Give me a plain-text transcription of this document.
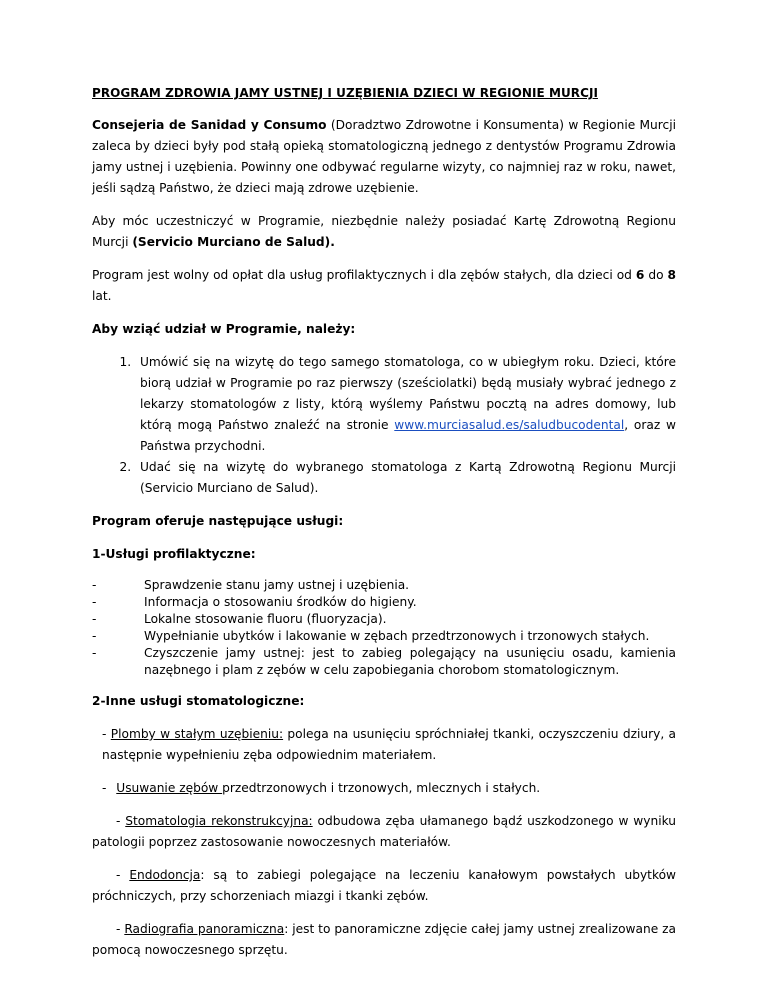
PROGRAM ZDROWIA JAMY USTNEJ I UZĘBIENIA DZIECI W REGIONIE MURCJI

Consejeria de Sanidad y Consumo (Doradztwo Zdrowotne i Konsumenta) w Regionie Murcji zaleca by dzieci były pod stałą opieką stomatologiczną jednego z dentystów Programu Zdrowia jamy ustnej i uzębienia. Powinny one odbywać regularne wizyty, co najmniej raz w roku, nawet, jeśli sądzą Państwo, że dzieci mają zdrowe uzębienie.

Aby móc uczestniczyć w Programie, niezbędnie należy posiadać Kartę Zdrowotną Regionu Murcji (Servicio Murciano de Salud).

Program jest wolny od opłat dla usług profilaktycznych i dla zębów stałych, dla dzieci od 6 do 8 lat.

Aby wziąć udział w Programie, należy:

1. Umówić się na wizytę do tego samego stomatologa, co w ubiegłym roku. Dzieci, które biorą udział w Programie po raz pierwszy (sześciolatki) będą musiały wybrać jednego z lekarzy stomatologów z listy, którą wyślemy Państwu pocztą na adres domowy, lub którą mogą Państwo znaleźć na stronie www.murciasalud.es/saludbucodental, oraz w Państwa przychodni.
2. Udać się na wizytę do wybranego stomatologa z Kartą Zdrowotną Regionu Murcji (Servicio Murciano de Salud).

Program oferuje następujące usługi:

1-Usługi profilaktyczne:

-	Sprawdzenie stanu jamy ustnej i uzębienia.
-	Informacja o stosowaniu środków do higieny.
-	Lokalne stosowanie fluoru (fluoryzacja).
-	Wypełnianie ubytków i lakowanie w zębach przedtrzonowych i trzonowych stałych.
-	Czyszczenie jamy ustnej: jest to zabieg polegający na usunięciu osadu, kamienia nazębnego i plam z zębów w celu zapobiegania chorobom stomatologicznym.

2-Inne usługi stomatologiczne:

- Plomby w stałym uzębieniu: polega na usunięciu spróchniałej tkanki, oczyszczeniu dziury, a następnie wypełnieniu zęba odpowiednim materiałem.

- Usuwanie zębów przedtrzonowych i trzonowych, mlecznych i stałych.

- Stomatologia rekonstrukcyjna: odbudowa zęba ułamanego bądź uszkodzonego w wyniku patologii poprzez zastosowanie nowoczesnych materiałów.

- Endodoncja: są to zabiegi polegające na leczeniu kanałowym powstałych ubytków próchniczych, przy schorzeniach miazgi i tkanki zębów.

- Radiografia panoramiczna: jest to panoramiczne zdjęcie całej jamy ustnej zrealizowane za pomocą nowoczesnego sprzętu.
